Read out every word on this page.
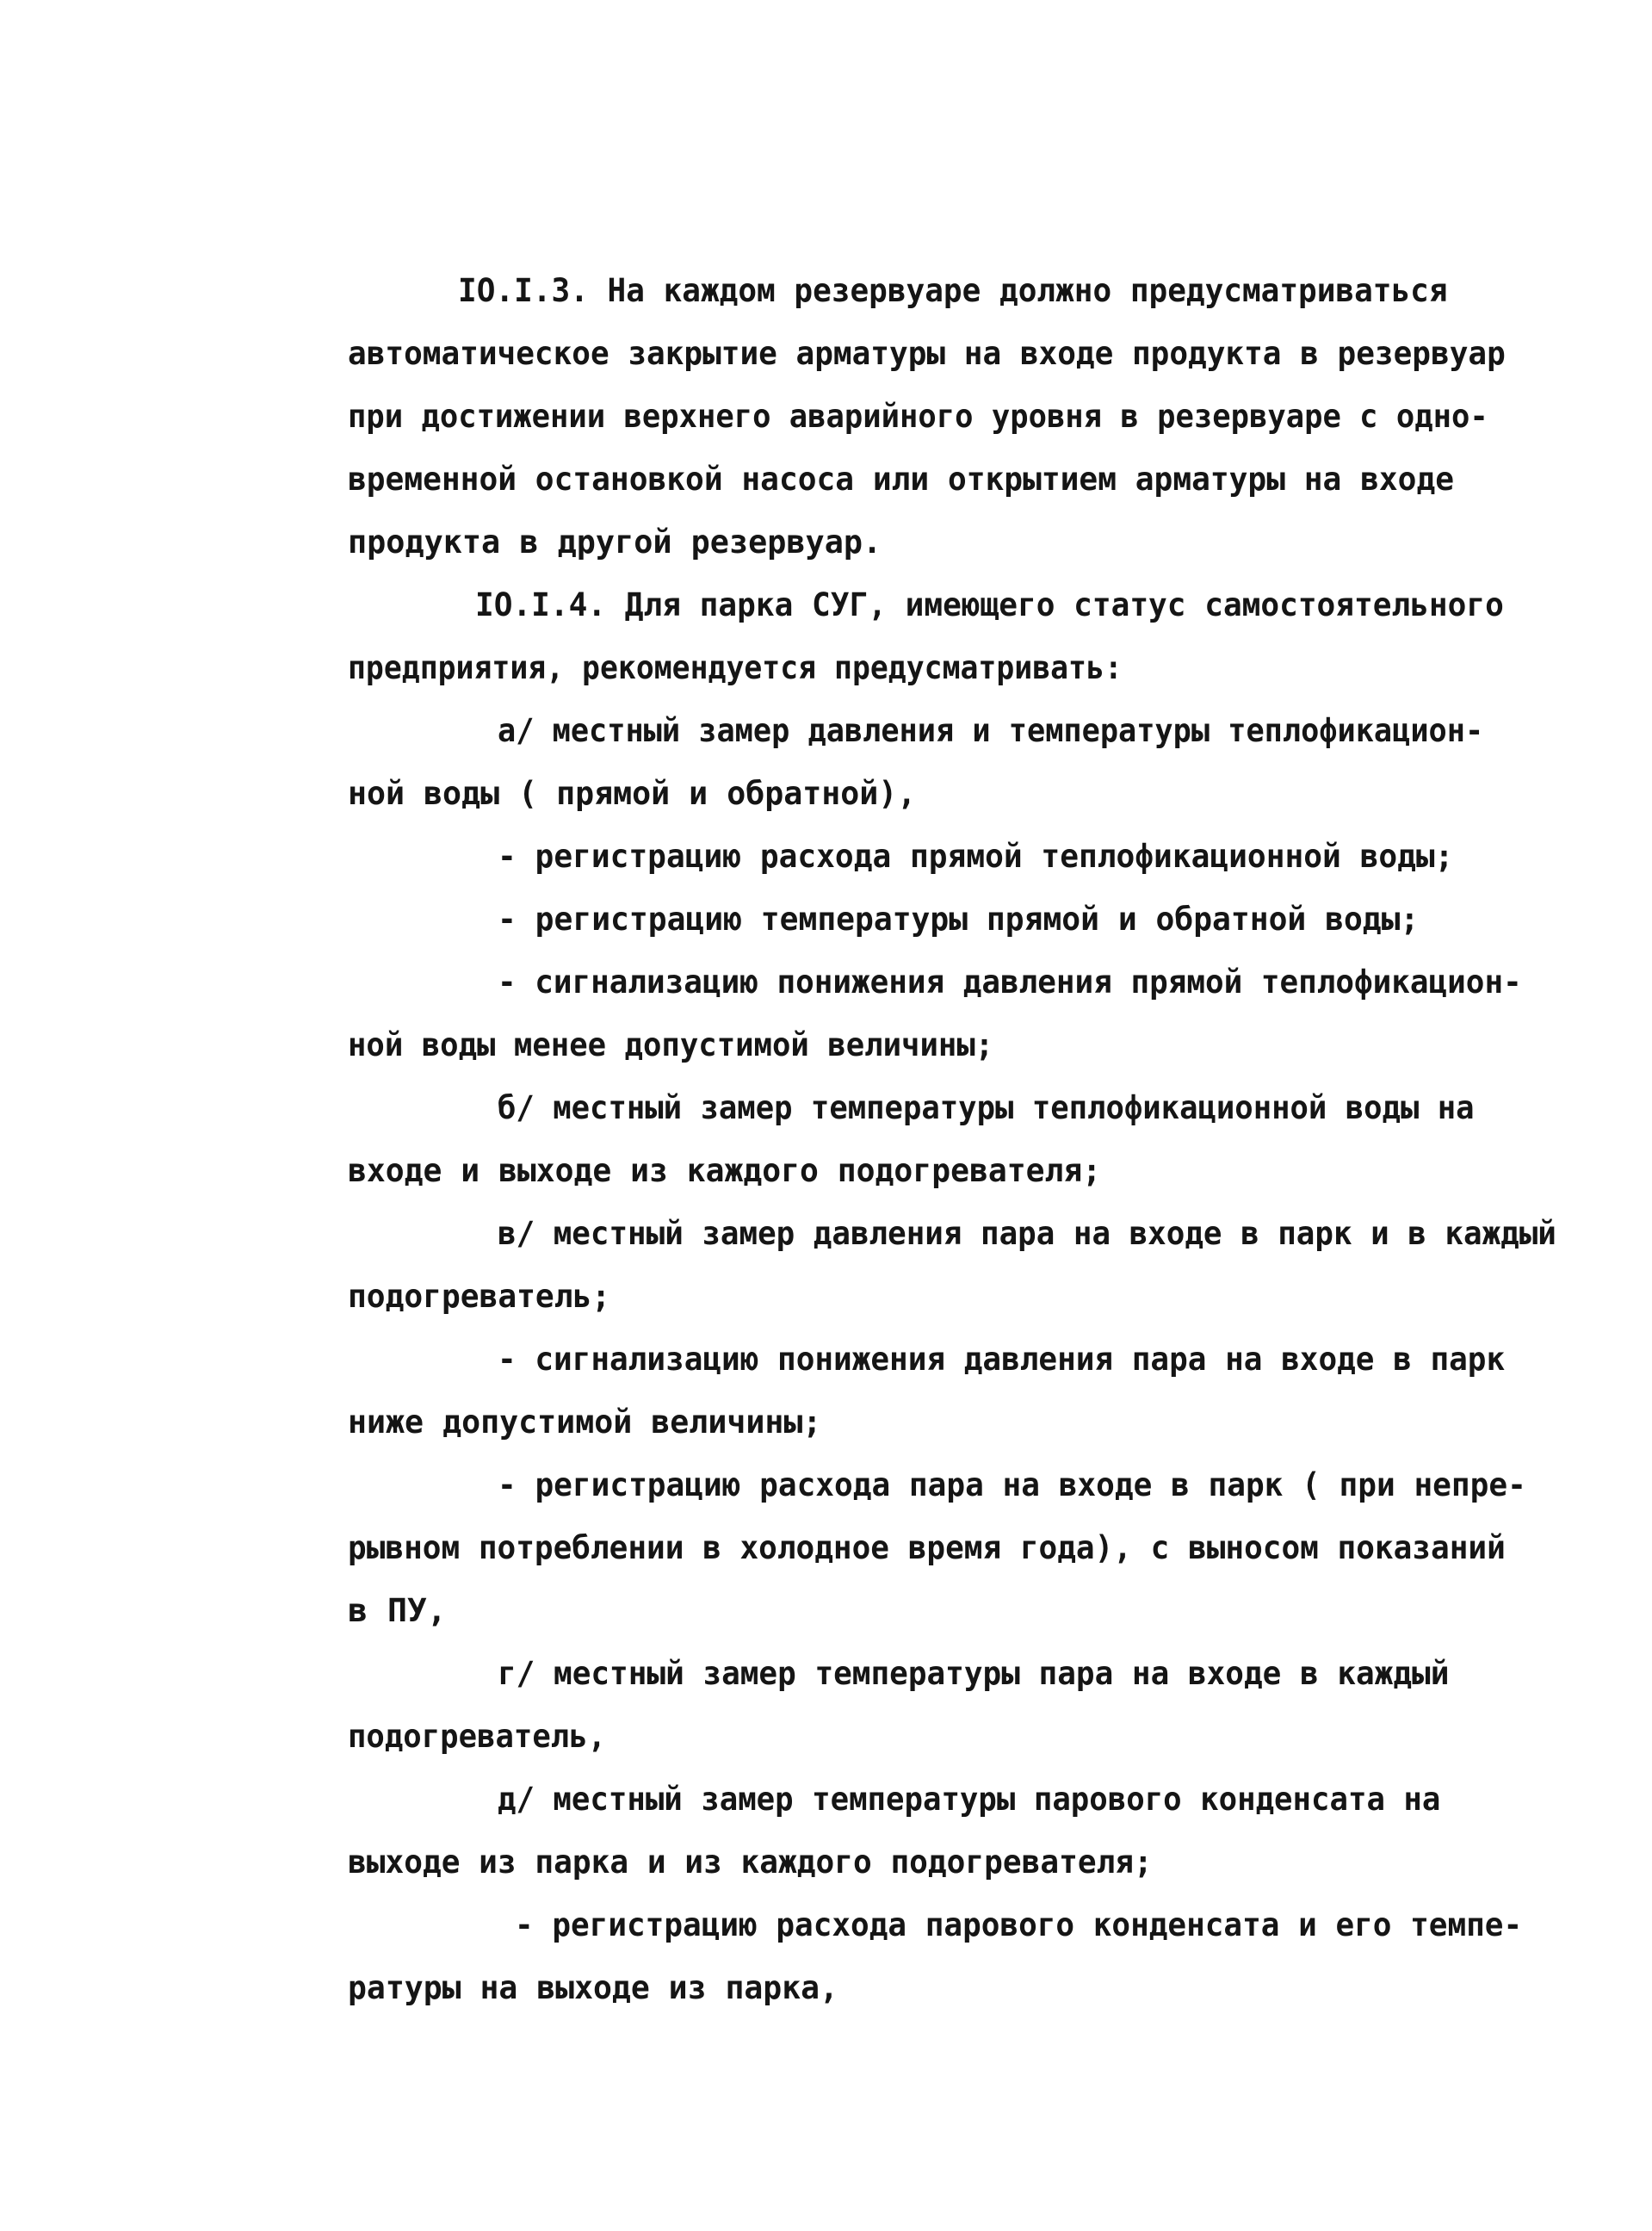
IO.I.3. На каждом резервуаре должно предусматриваться

автоматическое закрытие арматуры на входе продукта в резервуар

при достижении верхнего аварийного уровня в резервуаре с одно-

временной остановкой насоса или открытием арматуры на входе

продукта в другой резервуар.

IO.I.4. Для парка СУГ, имеющего статус самостоятельного

предприятия, рекомендуется предусматривать:

а/ местный замер давления и температуры теплофикацион-

ной воды ( прямой и обратной),

- регистрацию расхода прямой теплофикационной воды;

- регистрацию температуры прямой и обратной воды;

- сигнализацию понижения давления прямой теплофикацион-

ной воды менее допустимой величины;

б/ местный замер температуры теплофикационной воды на

входе и выходе из каждого подогревателя;

в/ местный замер давления пара на входе в парк и в каждый

подогреватель;

- сигнализацию понижения давления пара на входе в парк

ниже допустимой величины;

- регистрацию расхода пара на входе в парк ( при непре-

рывном потреблении в холодное время года), с выносом показаний

в ПУ,

г/ местный замер температуры пара на входе в каждый

подогреватель,

д/ местный замер температуры парового конденсата на

выходе из парка и из каждого подогревателя;

- регистрацию расхода парового конденсата и его темпе-

ратуры на выходе из парка,
